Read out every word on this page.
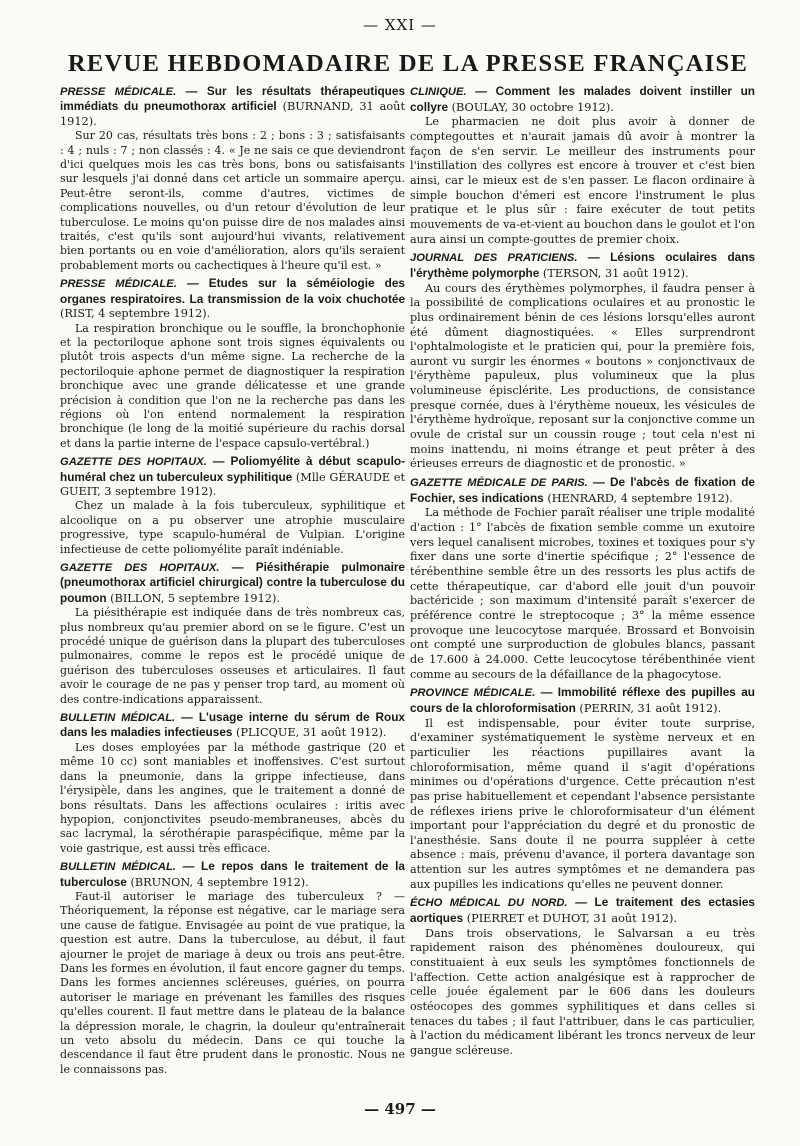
— XXI —
REVUE HEBDOMADAIRE DE LA PRESSE FRANÇAISE

PRESSE MÉDICALE. — Sur les résultats thérapeutiques immédiats du pneumothorax artificiel (BURNAND, 31 août 1912).

Sur 20 cas, résultats très bons : 2 ; bons : 3 ; satisfaisants : 4 ; nuls : 7 ; non classés : 4. « Je ne sais ce que deviendront d'ici quelques mois les cas très bons, bons ou satisfaisants sur lesquels j'ai donné dans cet article un sommaire aperçu. Peut-être seront-ils, comme d'autres, victimes de complications nouvelles, ou d'un retour d'évolution de leur tuberculose. Le moins qu'on puisse dire de nos malades ainsi traités, c'est qu'ils sont aujourd'hui vivants, relativement bien portants ou en voie d'amélioration, alors qu'ils seraient probablement morts ou cachectiques à l'heure qu'il est. »

PRESSE MÉDICALE. — Etudes sur la séméiologie des organes respiratoires. La transmission de la voix chuchotée (RIST, 4 septembre 1912).

La respiration bronchique ou le souffle, la bronchophonie et la pectoriloque aphone sont trois signes équivalents ou plutôt trois aspects d'un même signe. La recherche de la pectoriloquie aphone permet de diagnostiquer la respiration bronchique avec une grande délicatesse et une grande précision à condition que l'on ne la recherche pas dans les régions où l'on entend normalement la respiration bronchique (le long de la moitié supérieure du rachis dorsal et dans la partie interne de l'espace capsulo-vertébral.)

GAZETTE DES HOPITAUX. — Poliomyélite à début scapulo-huméral chez un tuberculeux syphilitique (Mlle GÉRAUDE et GUEIT, 3 septembre 1912).

Chez un malade à la fois tuberculeux, syphilitique et alcoolique on a pu observer une atrophie musculaire progressive, type scapulo-huméral de Vulpian. L'origine infectieuse de cette poliomyélite paraît indéniable.

GAZETTE DES HOPITAUX. — Piésithérapie pulmonaire (pneumothorax artificiel chirurgical) contre la tuberculose du poumon (BILLON, 5 septembre 1912).

La piésithérapie est indiquée dans de très nombreux cas, plus nombreux qu'au premier abord on se le figure. C'est un procédé unique de guérison dans la plupart des tuberculoses pulmonaires, comme le repos est le procédé unique de guérison des tuberculoses osseuses et articulaires. Il faut avoir le courage de ne pas y penser trop tard, au moment où des contre-indications apparaissent.

BULLETIN MÉDICAL. — L'usage interne du sérum de Roux dans les maladies infectieuses (PLICQUE, 31 août 1912).

Les doses employées par la méthode gastrique (20 et même 10 cc) sont maniables et inoffensives. C'est surtout dans la pneumonie, dans la grippe infectieuse, dans l'érysipèle, dans les angines, que le traitement a donné de bons résultats. Dans les affections oculaires : iritis avec hypopion, conjonctivites pseudo-membraneuses, abcès du sac lacrymal, la sérothérapie paraspécifique, même par la voie gastrique, est aussi très efficace.

BULLETIN MÉDICAL. — Le repos dans le traitement de la tuberculose (BRUNON, 4 septembre 1912).

Faut-il autoriser le mariage des tuberculeux ? — Théoriquement, la réponse est négative, car le mariage sera une cause de fatigue. Envisagée au point de vue pratique, la question est autre. Dans la tuberculose, au début, il faut ajourner le projet de mariage à deux ou trois ans peut-être. Dans les formes en évolution, il faut encore gagner du temps. Dans les formes anciennes scléreuses, guéries, on pourra autoriser le mariage en prévenant les familles des risques qu'elles courent. Il faut mettre dans le plateau de la balance la dépression morale, le chagrin, la douleur qu'entraînerait un veto absolu du médecin. Dans ce qui touche la descendance il faut être prudent dans le pronostic. Nous ne le connaissons pas.

CLINIQUE. — Comment les malades doivent instiller un collyre (BOULAY, 30 octobre 1912).

Le pharmacien ne doit plus avoir à donner de comptegouttes et n'aurait jamais dû avoir à montrer la façon de s'en servir. Le meilleur des instruments pour l'instillation des collyres est encore à trouver et c'est bien ainsi, car le mieux est de s'en passer. Le flacon ordinaire à simple bouchon d'émeri est encore l'instrument le plus pratique et le plus sûr : faire exécuter de tout petits mouvements de va-et-vient au bouchon dans le goulot et l'on aura ainsi un compte-gouttes de premier choix.

JOURNAL DES PRATICIENS. — Lésions oculaires dans l'érythème polymorphe (TERSON, 31 août 1912).

Au cours des érythèmes polymorphes, il faudra penser à la possibilité de complications oculaires et au pronostic le plus ordinairement bénin de ces lésions lorsqu'elles auront été dûment diagnostiquées. « Elles surprendront l'ophtalmologiste et le praticien qui, pour la première fois, auront vu surgir les énormes « boutons » conjonctivaux de l'érythème papuleux, plus volumineux que la plus volumineuse épisclérite. Les productions, de consistance presque cornée, dues à l'érythème noueux, les vésicules de l'érythème hydroïque, reposant sur la conjonctive comme un ovule de cristal sur un coussin rouge ; tout cela n'est ni moins inattendu, ni moins étrange et peut prêter à des érieuses erreurs de diagnostic et de pronostic. »

GAZETTE MÉDICALE DE PARIS. — De l'abcès de fixation de Fochier, ses indications (HENRARD, 4 septembre 1912).

La méthode de Fochier paraît réaliser une triple modalité d'action : 1° l'abcès de fixation semble comme un exutoire vers lequel canalisent microbes, toxines et toxiques pour s'y fixer dans une sorte d'inertie spécifique ; 2° l'essence de térébenthine semble être un des ressorts les plus actifs de cette thérapeutique, car d'abord elle jouit d'un pouvoir bactéricide ; son maximum d'intensité paraît s'exercer de préférence contre le streptocoque ; 3° la même essence provoque une leucocytose marquée. Brossard et Bonvoisin ont compté une surproduction de globules blancs, passant de 17.600 à 24.000. Cette leucocytose térébenthinée vient comme au secours de la défaillance de la phagocytose.

PROVINCE MÉDICALE. — Immobilité réflexe des pupilles au cours de la chloroformisation (PERRIN, 31 août 1912).

Il est indispensable, pour éviter toute surprise, d'examiner systématiquement le système nerveux et en particulier les réactions pupillaires avant la chloroformisation, même quand il s'agit d'opérations minimes ou d'opérations d'urgence. Cette précaution n'est pas prise habituellement et cependant l'absence persistante de réflexes iriens prive le chloroformisateur d'un élément important pour l'appréciation du degré et du pronostic de l'anesthésie. Sans doute il ne pourra suppléer à cette absence : mais, prévenu d'avance, il portera davantage son attention sur les autres symptômes et ne demandera pas aux pupilles les indications qu'elles ne peuvent donner.

ÉCHO MÉDICAL DU NORD. — Le traitement des ectasies aortiques (PIERRET et DUHOT, 31 août 1912).

Dans trois observations, le Salvarsan a eu très rapidement raison des phénomènes douloureux, qui constituaient à eux seuls les symptômes fonctionnels de l'affection. Cette action analgésique est à rapprocher de celle jouée également par le 606 dans les douleurs ostéocopes des gommes syphilitiques et dans celles si tenaces du tabes ; il faut l'attribuer, dans le cas particulier, à l'action du médicament libérant les troncs nerveux de leur gangue scléreuse.

— 497 —
